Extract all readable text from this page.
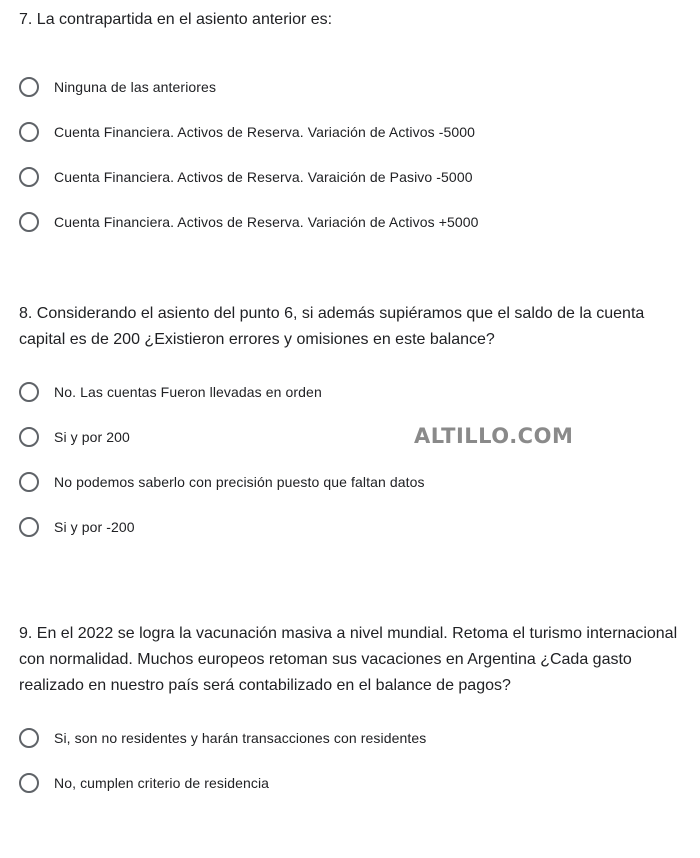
7. La contrapartida en el asiento anterior es:

Ninguna de las anteriores
Cuenta Financiera. Activos de Reserva. Variación de Activos -5000
Cuenta Financiera. Activos de Reserva. Varaición de Pasivo -5000
Cuenta Financiera. Activos de Reserva. Variación de Activos +5000

8. Considerando el asiento del punto 6, si además supiéramos que el saldo de la cuenta capital es de 200 ¿Existieron errores y omisiones en este balance?

No. Las cuentas Fueron llevadas en orden
Si y por 200
No podemos saberlo con precisión puesto que faltan datos
Si y por -200
ALTILLO.COM

9. En el 2022 se logra la vacunación masiva a nivel mundial. Retoma el turismo internacional con normalidad. Muchos europeos retoman sus vacaciones en Argentina ¿Cada gasto realizado en nuestro país será contabilizado en el balance de pagos?

Si, son no residentes y harán transacciones con residentes
No, cumplen criterio de residencia
